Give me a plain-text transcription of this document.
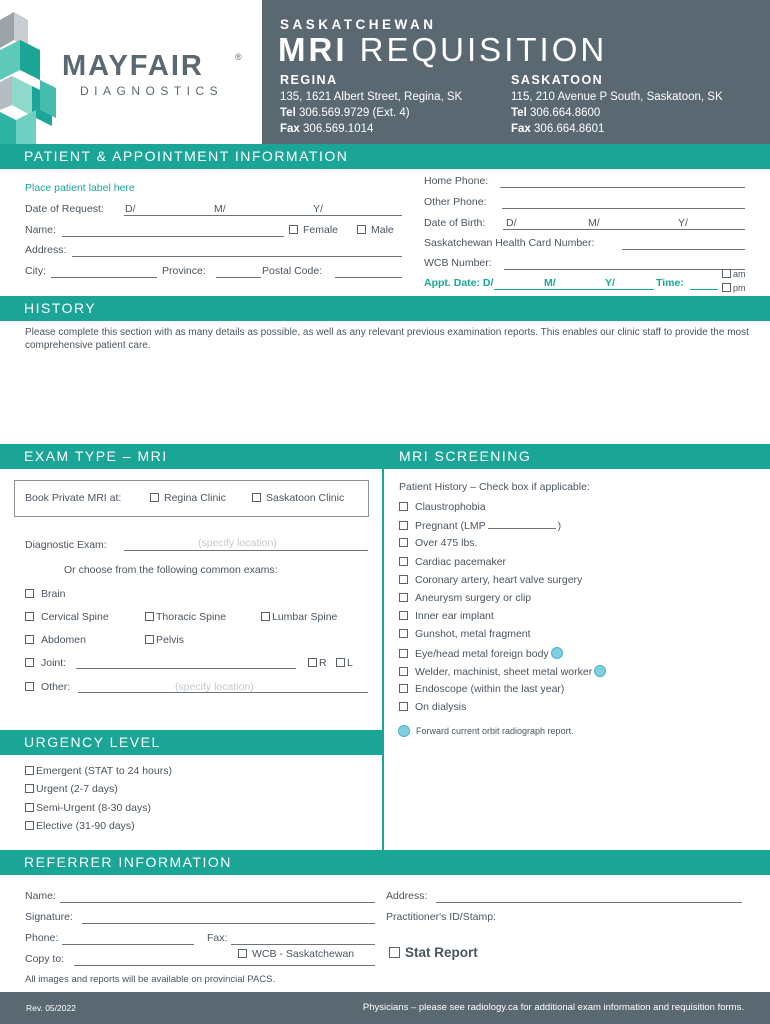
MAYFAIR	®
DIAGNOSTICS
SASKATCHEWAN
MRI REQUISITION
REGINA
135, 1621 Albert Street, Regina, SK
Tel 306.569.9729 (Ext. 4)
Fax 306.569.1014
SASKATOON
115, 210 Avenue P South, Saskatoon, SK
Tel 306.664.8600
Fax 306.664.8601
PATIENT & APPOINTMENT INFORMATION
Place patient label here
Date of Request: D/	M/	Y/
Name:	Female	Male
Address:
City:	Province:	Postal Code:
Home Phone:
Other Phone:
Date of Birth: D/	M/	Y/
Saskatchewan Health Card Number:
WCB Number:
Appt. Date: D/	M/	Y/	Time:
am
pm
HISTORY
Please complete this section with as many details as possible, as well as any relevant previous examination reports. This enables our clinic staff to provide the most comprehensive patient care.
EXAM TYPE – MRI
Book Private MRI at:	Regina Clinic	Saskatoon Clinic
Diagnostic Exam:	(specify location)
Or choose from the following common exams:
Brain
Cervical Spine	Thoracic Spine	Lumbar Spine
Abdomen	Pelvis
Joint:	R	L
Other:	(specify location)
MRI SCREENING
Patient History – Check box if applicable:
Claustrophobia
Pregnant (LMP	)
Over 475 lbs.
Cardiac pacemaker
Coronary artery, heart valve surgery
Aneurysm surgery or clip
Inner ear implant
Gunshot, metal fragment
Eye/head metal foreign body
Welder, machinist, sheet metal worker
Endoscope (within the last year)
On dialysis
Forward current orbit radiograph report.
URGENCY LEVEL
Emergent (STAT to 24 hours)
Urgent (2-7 days)
Semi-Urgent (8-30 days)
Elective (31-90 days)
REFERRER INFORMATION
Name:
Signature:
Phone:	Fax:
Copy to:	WCB - Saskatchewan
Address:
Practitioner's ID/Stamp:
Stat Report
All images and reports will be available on provincial PACS.
Rev. 05/2022	Physicians – please see radiology.ca for additional exam information and requisition forms.
